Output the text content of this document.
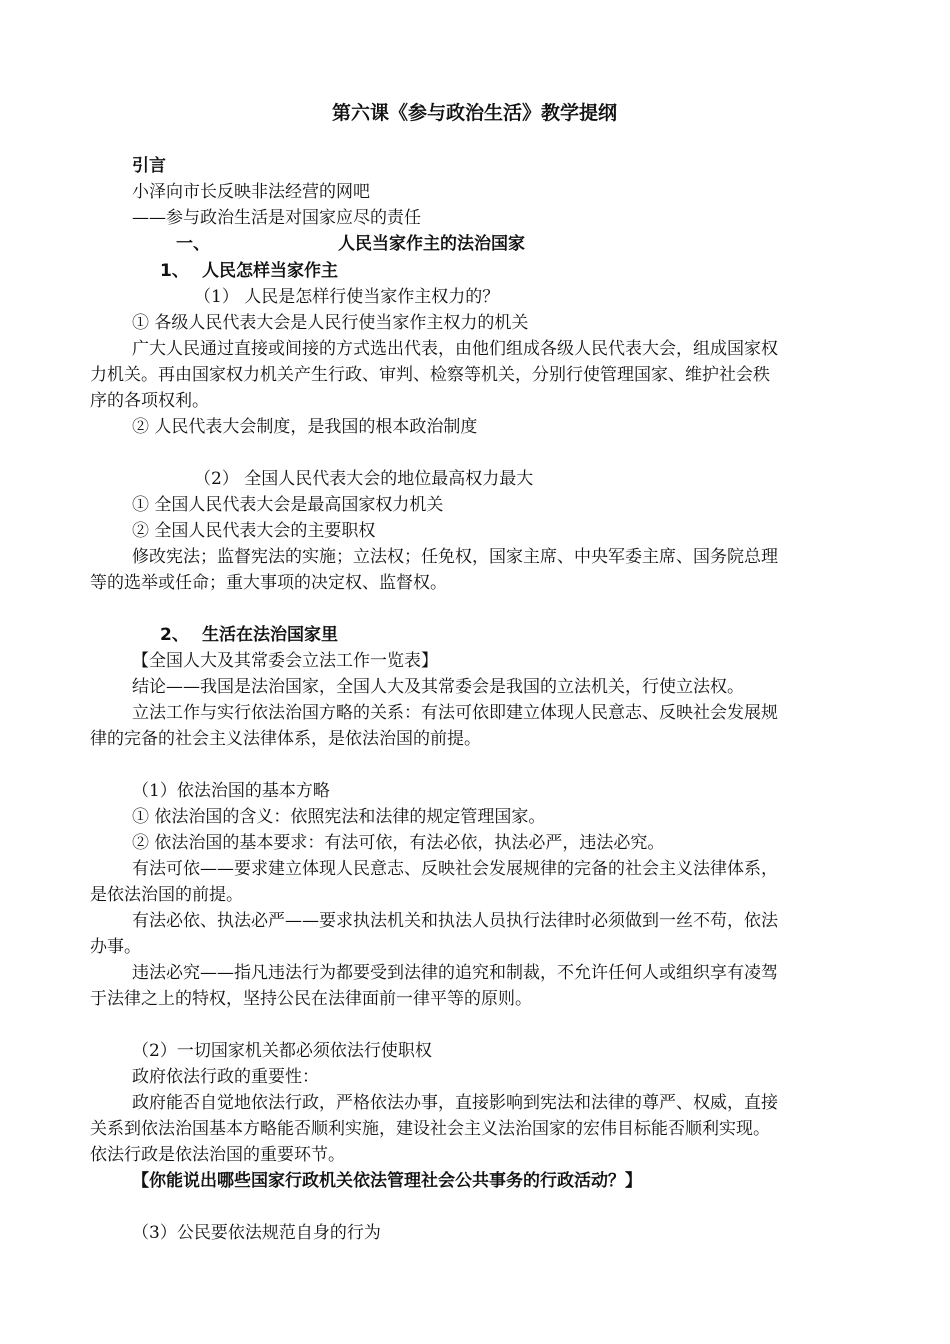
第六课《参与政治生活》教学提纲
引言
小泽向市长反映非法经营的网吧
——参与政治生活是对国家应尽的责任
一、	人民当家作主的法治国家
1、 人民怎样当家作主
（1） 人民是怎样行使当家作主权力的？
① 各级人民代表大会是人民行使当家作主权力的机关
广大人民通过直接或间接的方式选出代表，由他们组成各级人民代表大会，组成国家权
力机关。再由国家权力机关产生行政、审判、检察等机关，分别行使管理国家、维护社会秩
序的各项权利。
② 人民代表大会制度，是我国的根本政治制度
（2） 全国人民代表大会的地位最高权力最大
① 全国人民代表大会是最高国家权力机关
② 全国人民代表大会的主要职权
修改宪法；监督宪法的实施；立法权；任免权，国家主席、中央军委主席、国务院总理
等的选举或任命；重大事项的决定权、监督权。
2、 生活在法治国家里
【全国人大及其常委会立法工作一览表】
结论——我国是法治国家，全国人大及其常委会是我国的立法机关，行使立法权。
立法工作与实行依法治国方略的关系：有法可依即建立体现人民意志、反映社会发展规
律的完备的社会主义法律体系，是依法治国的前提。
（1）依法治国的基本方略
① 依法治国的含义：依照宪法和法律的规定管理国家。
② 依法治国的基本要求：有法可依，有法必依，执法必严，违法必究。
有法可依——要求建立体现人民意志、反映社会发展规律的完备的社会主义法律体系，
是依法治国的前提。
有法必依、执法必严——要求执法机关和执法人员执行法律时必须做到一丝不苟，依法
办事。
违法必究——指凡违法行为都要受到法律的追究和制裁，不允许任何人或组织享有凌驾
于法律之上的特权，坚持公民在法律面前一律平等的原则。
（2）一切国家机关都必须依法行使职权
政府依法行政的重要性：
政府能否自觉地依法行政，严格依法办事，直接影响到宪法和法律的尊严、权威，直接
关系到依法治国基本方略能否顺利实施，建设社会主义法治国家的宏伟目标能否顺利实现。
依法行政是依法治国的重要环节。
【你能说出哪些国家行政机关依法管理社会公共事务的行政活动？】
（3）公民要依法规范自身的行为
